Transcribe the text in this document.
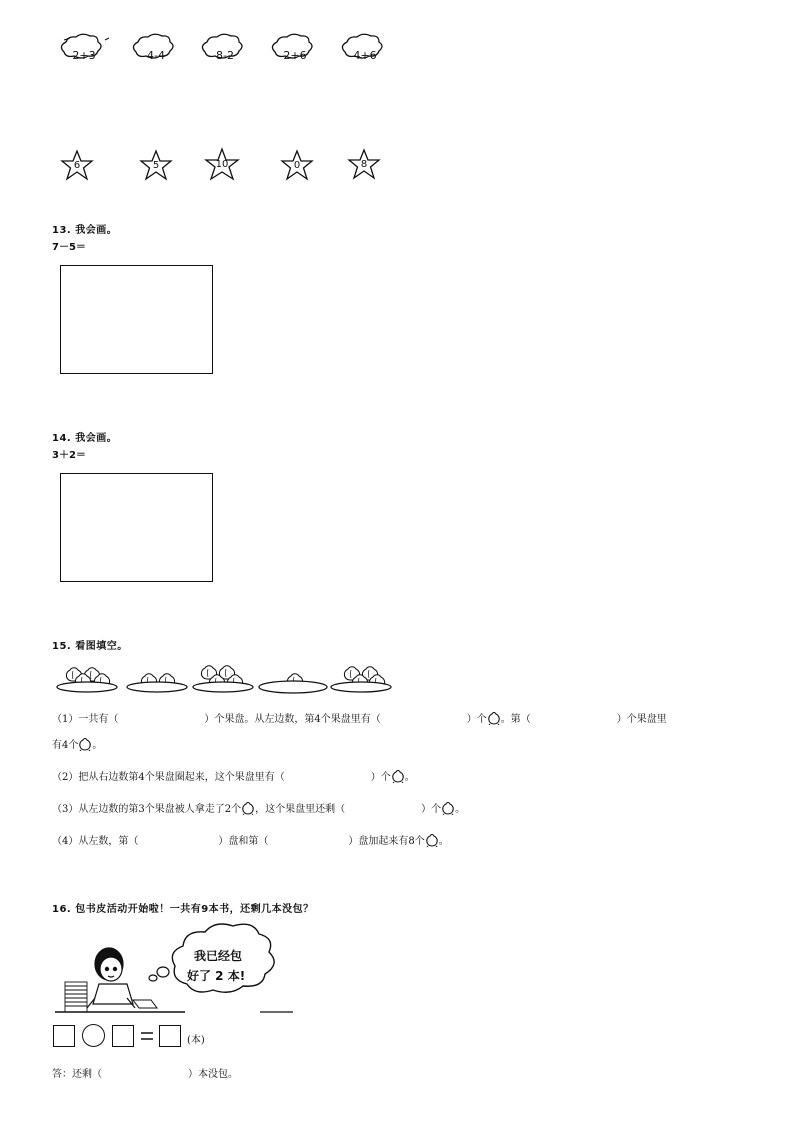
2+3	4-4	8-2	2+6	4+6
6	5	10	0	8
13. 我会画。
7－5＝
14. 我会画。
3＋2＝
15. 看图填空。
（1）一共有（	）个果盘。从左边数，第4个果盘里有（	）个 。第（	）个果盘里
有4个 。
（2）把从右边数第4个果盘圈起来，这个果盘里有（	）个 。
（3）从左边数的第3个果盘被人拿走了2个 ，这个果盘里还剩（	）个 。
（4）从左数，第（	）盘和第（	）盘加起来有8个 。
16. 包书皮活动开始啦！一共有9本书，还剩几本没包？
我已经包
好了 2 本!
(本)
答：还剩（	）本没包。
